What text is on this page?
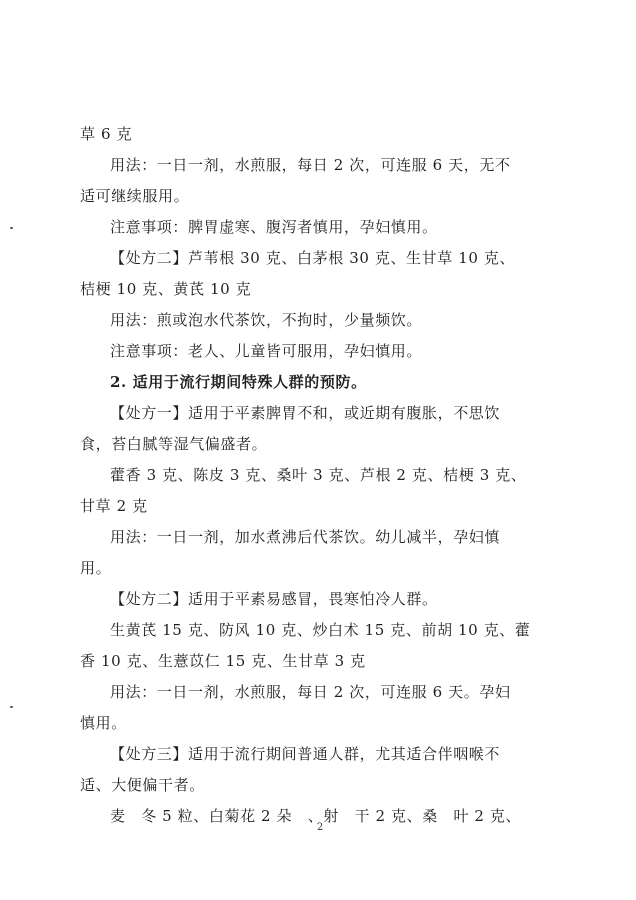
草 6 克
用法：一日一剂，水煎服，每日 2 次，可连服 6 天，无不
适可继续服用。
注意事项：脾胃虚寒、腹泻者慎用，孕妇慎用。
【处方二】芦苇根 30 克、白茅根 30 克、生甘草 10 克、
桔梗 10 克、黄芪 10 克
用法：煎或泡水代茶饮，不拘时，少量频饮。
注意事项：老人、儿童皆可服用，孕妇慎用。
2. 适用于流行期间特殊人群的预防。
【处方一】适用于平素脾胃不和，或近期有腹胀，不思饮
食，苔白腻等湿气偏盛者。
藿香 3 克、陈皮 3 克、桑叶 3 克、芦根 2 克、桔梗 3 克、
甘草 2 克
用法：一日一剂，加水煮沸后代茶饮。幼儿减半，孕妇慎
用。
【处方二】适用于平素易感冒，畏寒怕冷人群。
生黄芪 15 克、防风 10 克、炒白术 15 克、前胡 10 克、藿
香 10 克、生薏苡仁 15 克、生甘草 3 克
用法：一日一剂，水煎服，每日 2 次，可连服 6 天。孕妇
慎用。
【处方三】适用于流行期间普通人群，尤其适合伴咽喉不
适、大便偏干者。
麦　冬 5 粒、白菊花 2 朵　、射　干 2 克、桑　叶 2 克、
2
